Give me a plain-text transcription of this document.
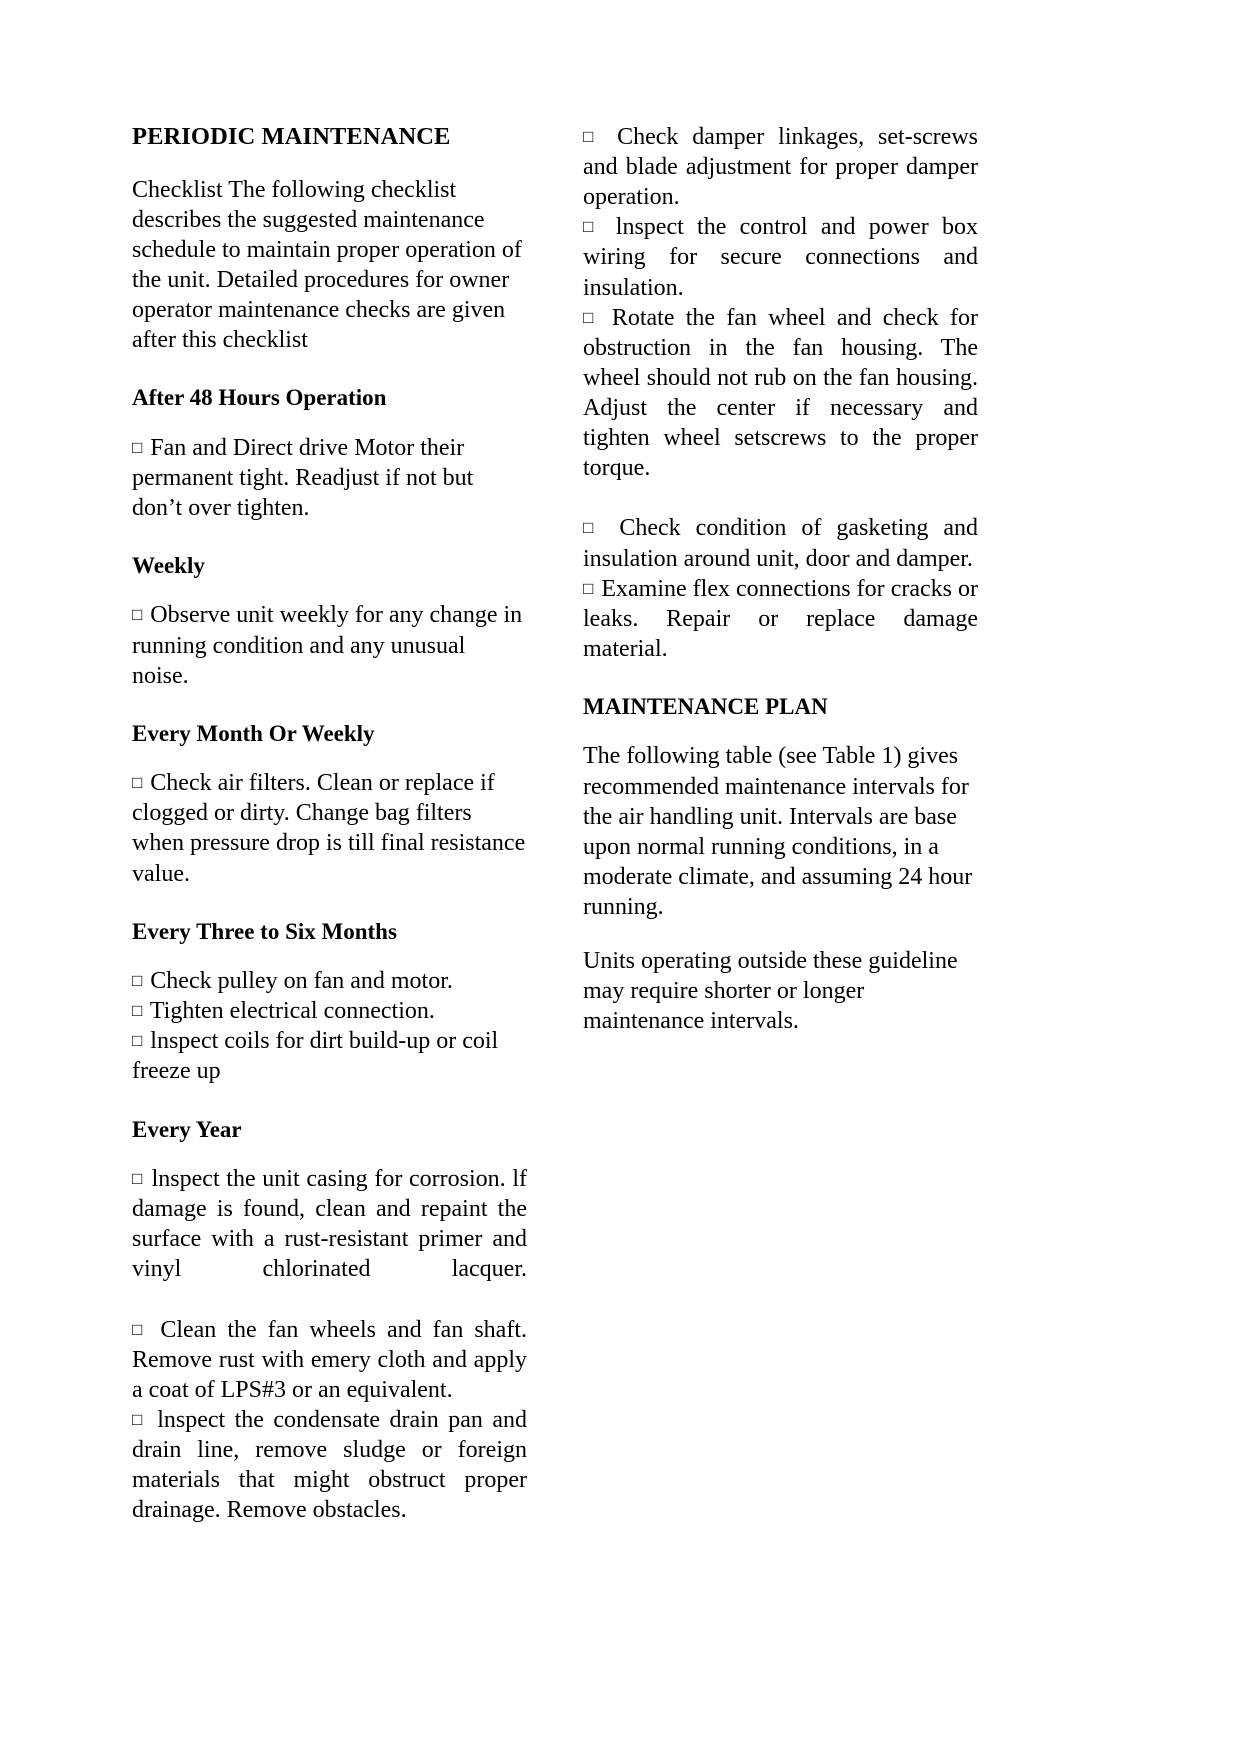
PERIODIC MAINTENANCE

Checklist The following checklist describes the suggested maintenance schedule to maintain proper operation of the unit. Detailed procedures for owner operator maintenance checks are given after this checklist

After 48 Hours Operation

□ Fan and Direct drive Motor their permanent tight. Readjust if not but don’t over tighten.

Weekly

□ Observe unit weekly for any change in running condition and any unusual noise.

Every Month Or Weekly

□ Check air filters. Clean or replace if clogged or dirty. Change bag filters when pressure drop is till final resistance value.

Every Three to Six Months

□ Check pulley on fan and motor.

□ Tighten electrical connection.

□ lnspect coils for dirt build-up or coil freeze up

Every Year

□ lnspect the unit casing for corrosion. lf damage is found, clean and repaint the surface with a rust-resistant primer and vinyl chlorinated lacquer.

□ Clean the fan wheels and fan shaft. Remove rust with emery cloth and apply a coat of LPS#3 or an equivalent.

□ lnspect the condensate drain pan and drain line, remove sludge or foreign materials that might obstruct proper drainage. Remove obstacles.

□ Check damper linkages, set-screws and blade adjustment for proper damper operation.

□ lnspect the control and power box wiring for secure connections and insulation.

□ Rotate the fan wheel and check for obstruction in the fan housing. The wheel should not rub on the fan housing. Adjust the center if necessary and tighten wheel setscrews to the proper torque.

□ Check condition of gasketing and insulation around unit, door and damper.

□ Examine flex connections for cracks or leaks. Repair or replace damage material.

MAINTENANCE PLAN

The following table (see Table 1) gives recommended maintenance intervals for the air handling unit. Intervals are base upon normal running conditions, in a moderate climate, and assuming 24 hour running.

Units operating outside these guideline may require shorter or longer maintenance intervals.
